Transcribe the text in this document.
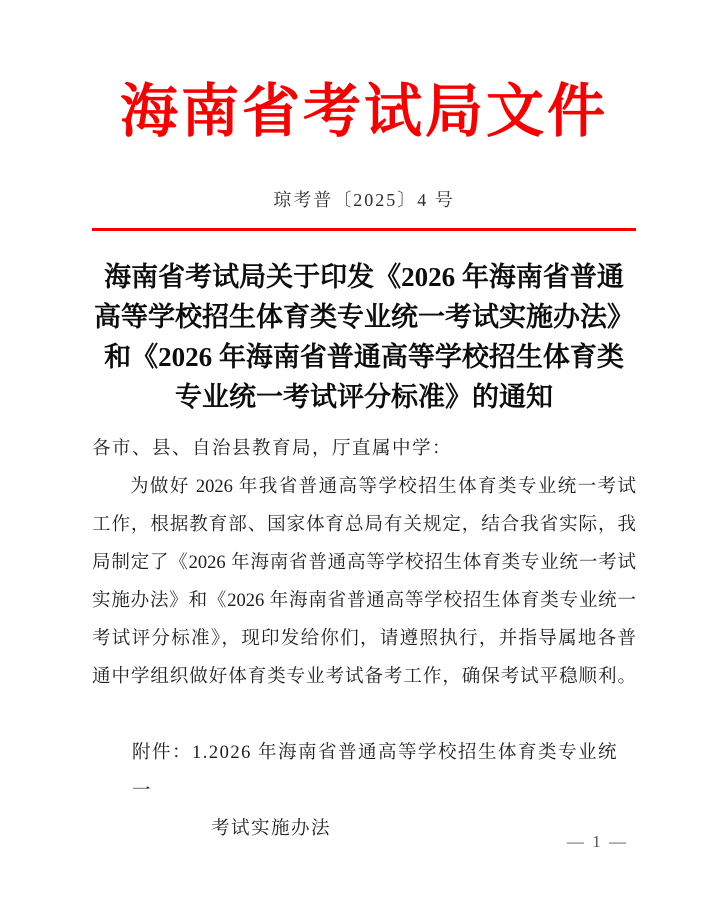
海南省考试局文件
琼考普〔2025〕4 号
海南省考试局关于印发《2026 年海南省普通
高等学校招生体育类专业统一考试实施办法》
和《2026 年海南省普通高等学校招生体育类
专业统一考试评分标准》的通知
各市、县、自治县教育局，厅直属中学：
为做好 2026 年我省普通高等学校招生体育类专业统一考试
工作，根据教育部、国家体育总局有关规定，结合我省实际，我
局制定了《2026 年海南省普通高等学校招生体育类专业统一考试
实施办法》和《2026 年海南省普通高等学校招生体育类专业统一
考试评分标准》，现印发给你们，请遵照执行，并指导属地各普
通中学组织做好体育类专业考试备考工作，确保考试平稳顺利。
附件：1.2026 年海南省普通高等学校招生体育类专业统一
考试实施办法
— 1 —
